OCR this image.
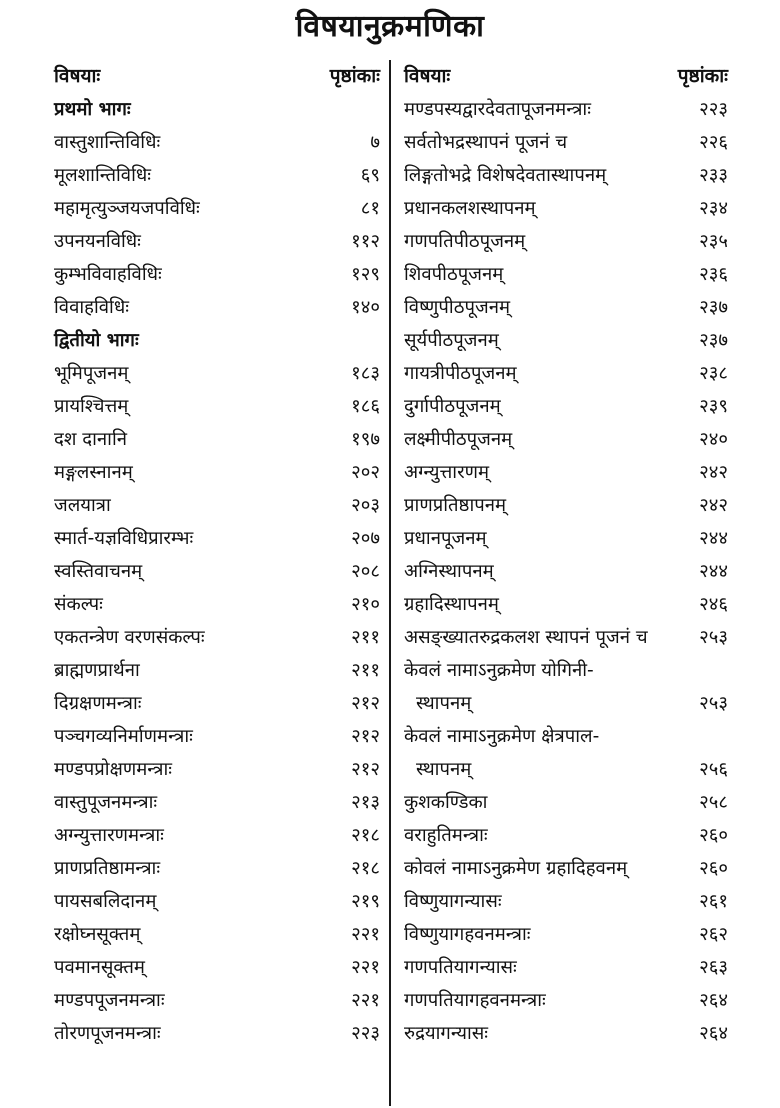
विषयानुक्रमणिका
विषयाः	पृष्ठांकाः
प्रथमो भागः
वास्तुशान्तिविधिः	७
मूलशान्तिविधिः	६९
महामृत्युञ्जयजपविधिः	८१
उपनयनविधिः	११२
कुम्भविवाहविधिः	१२९
विवाहविधिः	१४०
द्वितीयो भागः
भूमिपूजनम्	१८३
प्रायश्चित्तम्	१८६
दश दानानि	१९७
मङ्गलस्नानम्	२०२
जलयात्रा	२०३
स्मार्त-यज्ञविधिप्रारम्भः	२०७
स्वस्तिवाचनम्	२०८
संकल्पः	२१०
एकतन्त्रेण वरणसंकल्पः	२११
ब्राह्मणप्रार्थना	२११
दिग्रक्षणमन्त्राः	२१२
पञ्चगव्यनिर्माणमन्त्राः	२१२
मण्डपप्रोक्षणमन्त्राः	२१२
वास्तुपूजनमन्त्राः	२१३
अग्न्युत्तारणमन्त्राः	२१८
प्राणप्रतिष्ठामन्त्राः	२१८
पायसबलिदानम्	२१९
रक्षोघ्नसूक्तम्	२२१
पवमानसूक्तम्	२२१
मण्डपपूजनमन्त्राः	२२१
तोरणपूजनमन्त्राः	२२३
विषयाः	पृष्ठांकाः
मण्डपस्यद्वारदेवतापूजनमन्त्राः	२२३
सर्वतोभद्रस्थापनं पूजनं च	२२६
लिङ्गतोभद्रे विशेषदेवतास्थापनम्	२३३
प्रधानकलशस्थापनम्	२३४
गणपतिपीठपूजनम्	२३५
शिवपीठपूजनम्	२३६
विष्णुपीठपूजनम्	२३७
सूर्यपीठपूजनम्	२३७
गायत्रीपीठपूजनम्	२३८
दुर्गापीठपूजनम्	२३९
लक्ष्मीपीठपूजनम्	२४०
अग्न्युत्तारणम्	२४२
प्राणप्रतिष्ठापनम्	२४२
प्रधानपूजनम्	२४४
अग्निस्थापनम्	२४४
ग्रहादिस्थापनम्	२४६
असङ्ख्यातरुद्रकलश स्थापनं पूजनं च	२५३
केवलं नामाऽनुक्रमेण योगिनी-
स्थापनम्	२५३
केवलं नामाऽनुक्रमेण क्षेत्रपाल-
स्थापनम्	२५६
कुशकण्डिका	२५८
वराहुतिमन्त्राः	२६०
कोवलं नामाऽनुक्रमेण ग्रहादिहवनम्	२६०
विष्णुयागन्यासः	२६१
विष्णुयागहवनमन्त्राः	२६२
गणपतियागन्यासः	२६३
गणपतियागहवनमन्त्राः	२६४
रुद्रयागन्यासः	२६४
